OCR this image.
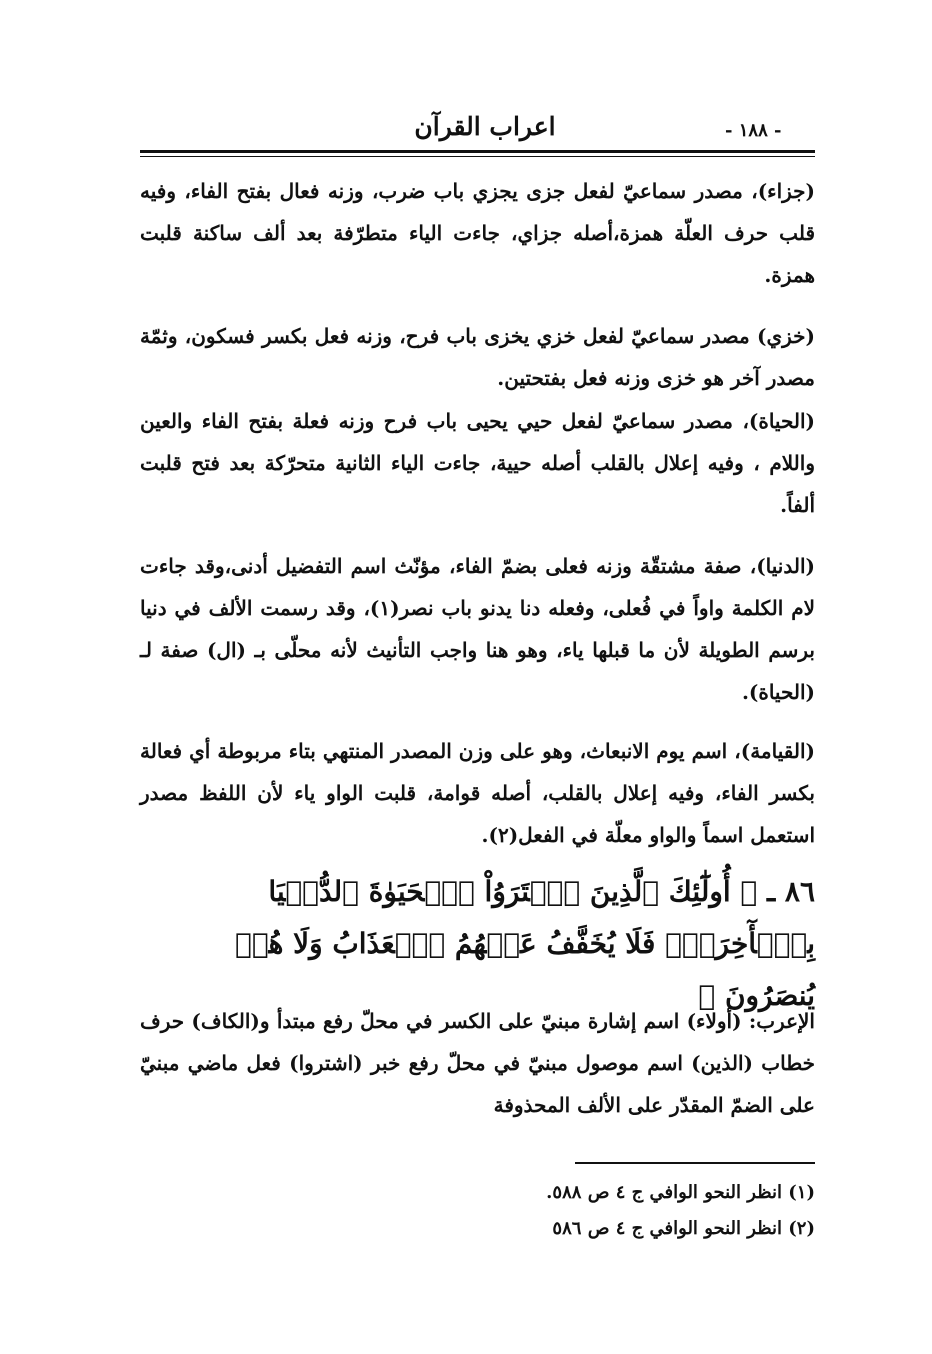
اعراب القرآن	- ١٨٨ -
(جزاء)، مصدر سماعيّ لفعل جزى يجزي باب ضرب، وزنه فعال بفتح الفاء، وفيه قلب حرف العلّة همزة،أصله جزاي، جاءت الياء متطرّفة بعد ألف ساكنة قلبت همزة.
(خزي) مصدر سماعيّ لفعل خزي يخزى باب فرح، وزنه فعل بكسر فسكون، وثمّة مصدر آخر هو خزى وزنه فعل بفتحتين.
(الحياة)، مصدر سماعيّ لفعل حيي يحيى باب فرح وزنه فعلة بفتح الفاء والعين واللام ، وفيه إعلال بالقلب أصله حيية، جاءت الياء الثانية متحرّكة بعد فتح قلبت ألفاً.
(الدنيا)، صفة مشتقّة وزنه فعلى بضمّ الفاء، مؤنّث اسم التفضيل أدنى،وقد جاءت لام الكلمة واواً في فُعلى، وفعله دنا يدنو باب نصر(١)، وقد رسمت الألف في دنيا برسم الطويلة لأن ما قبلها ياء، وهو هنا واجب التأنيث لأنه محلّى بـ (ال) صفة لـ (الحياة).
(القيامة)، اسم يوم الانبعاث، وهو على وزن المصدر المنتهي بتاء مربوطة أي فعالة بكسر الفاء، وفيه إعلال بالقلب، أصله قوامة، قلبت الواو ياء لأن اللفظ مصدر استعمل اسماً والواو معلّة في الفعل(٢).
٨٦ ـ ﴿ أُولَٰٓئِكَ ٱلَّذِينَ ٱشۡتَرَوُاْ ٱلۡحَيَوٰةَ ٱلدُّنۡيَا بِٱلۡأٓخِرَةِۖ فَلَا يُخَفَّفُ عَنۡهُمُ ٱلۡعَذَابُ وَلَا هُمۡ يُنصَرُونَ ﴾
الإعرب: (أولاء) اسم إشارة مبنيّ على الكسر في محلّ رفع مبتدأ و(الكاف) حرف خطاب (الذين) اسم موصول مبنيّ في محلّ رفع خبر (اشتروا) فعل ماضي مبنيّ على الضمّ المقدّر على الألف المحذوفة
(١) انظر النحو الوافي ج ٤ ص ٥٨٨.
(٢) انظر النحو الوافي ج ٤ ص ٥٨٦
